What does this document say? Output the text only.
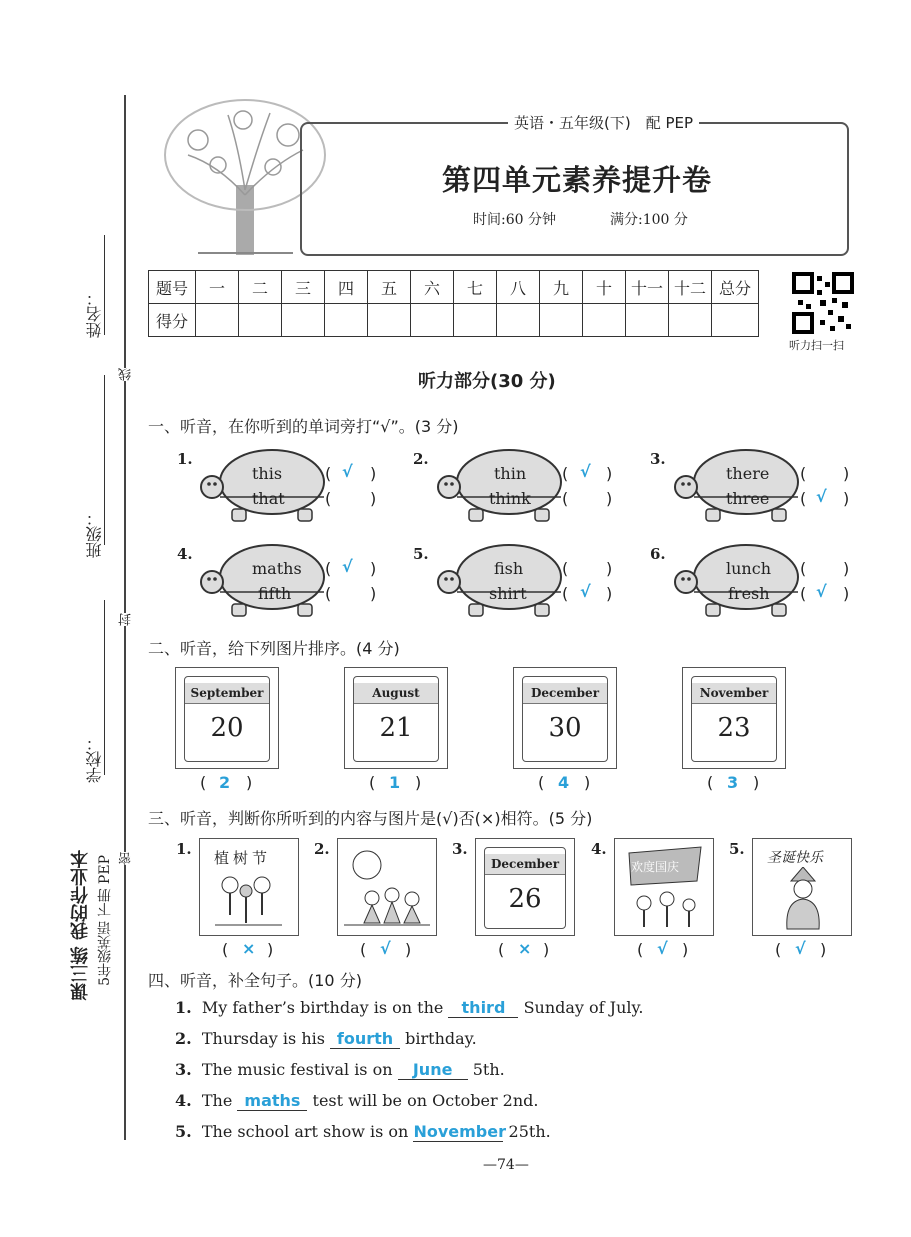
姓名：
班级：
学校：
线
封
密
课三练 我的作业本 5年级英语 下册 PEP
英语・五年级(下)　配 PEP
第四单元素养提升卷
时间:60 分钟	满分:100 分
题号	一	二	三	四	五	六	七	八	九	十	十一	十二	总分
得分													
听力扫一扫
听力部分(30 分)
一、听音，在你听到的单词旁打“√”。(3 分)
1.
this
that
( √ )
( )
2.
thin
think
( √ )
( )
3.
there
three
( )
( √ )
4.
maths
fifth
( √ )
( )
5.
fish
shirt
( )
( √ )
6.
lunch
fresh
( )
( √ )
二、听音，给下列图片排序。(4 分)
September
20
( 2 )
August
21
( 1 )
December
30
( 4 )
November
23
( 3 )
三、听音，判断你所听到的内容与图片是(√)否(×)相符。(5 分)
1. 植树节
( × )
2.
( √ )
3.
December
26
( × )
4.
欢度国庆
( √ )
5. 圣诞快乐
( √ )
四、听音，补全句子。(10 分)
1. My father’s birthday is on the third Sunday of July.
2. Thursday is his fourth birthday.
3. The music festival is on June 5th.
4. The maths test will be on October 2nd.
5. The school art show is on November 25th.
—74—
